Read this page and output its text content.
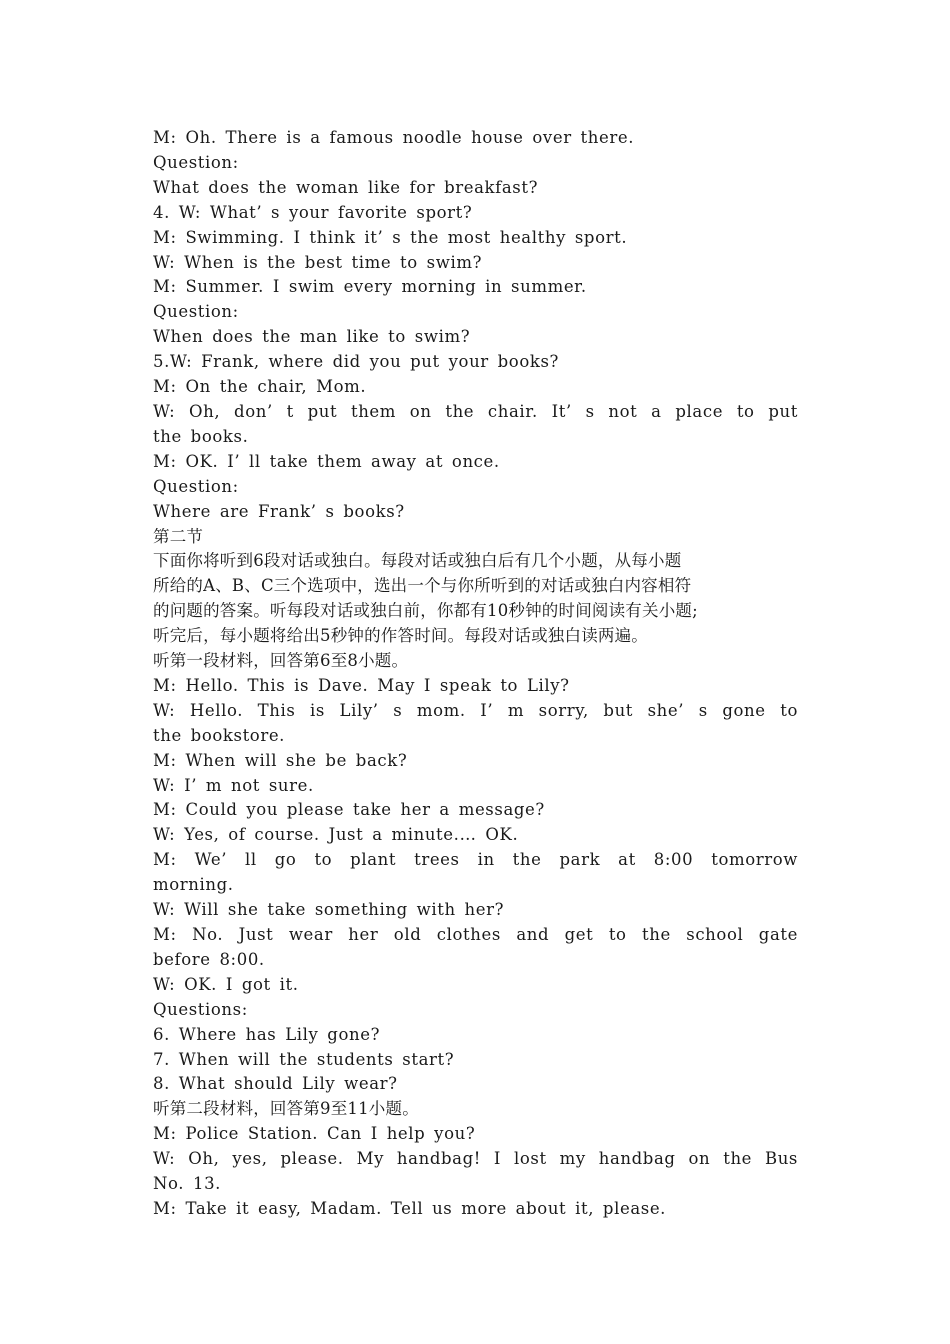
M: Oh. There is a famous noodle house over there.
Question:
What does the woman like for breakfast?
4. W: What’ s your favorite sport?
M: Swimming. I think it’ s the most healthy sport.
W: When is the best time to swim?
M: Summer. I swim every morning in summer.
Question:
When does the man like to swim?
5.W: Frank, where did you put your books?
M: On the chair, Mom.
W: Oh, don’ t put them on the chair. It’ s not a place to put
the books.
M: OK. I’ ll take them away at once.
Question:
Where are Frank’ s books?
第二节
下面你将听到6段对话或独白。每段对话或独白后有几个小题，从每小题
所给的A、B、C三个选项中，选出一个与你所听到的对话或独白内容相符
的问题的答案。听每段对话或独白前，你都有10秒钟的时间阅读有关小题;
听完后，每小题将给出5秒钟的作答时间。每段对话或独白读两遍。
听第一段材料，回答第6至8小题。
M: Hello. This is Dave. May I speak to Lily?
W: Hello. This is Lily’ s mom. I’ m sorry, but she’ s gone to
the bookstore.
M: When will she be back?
W: I’ m not sure.
M: Could you please take her a message?
W: Yes, of course. Just a minute.… OK.
M: We’ ll go to plant trees in the park at 8:00 tomorrow
morning.
W: Will she take something with her?
M: No. Just wear her old clothes and get to the school gate
before 8:00.
W: OK. I got it.
Questions:
6. Where has Lily gone?
7. When will the students start?
8. What should Lily wear?
听第二段材料，回答第9至11小题。
M: Police Station. Can I help you?
W: Oh, yes, please. My handbag! I lost my handbag on the Bus
No. 13.
M: Take it easy, Madam. Tell us more about it, please.
